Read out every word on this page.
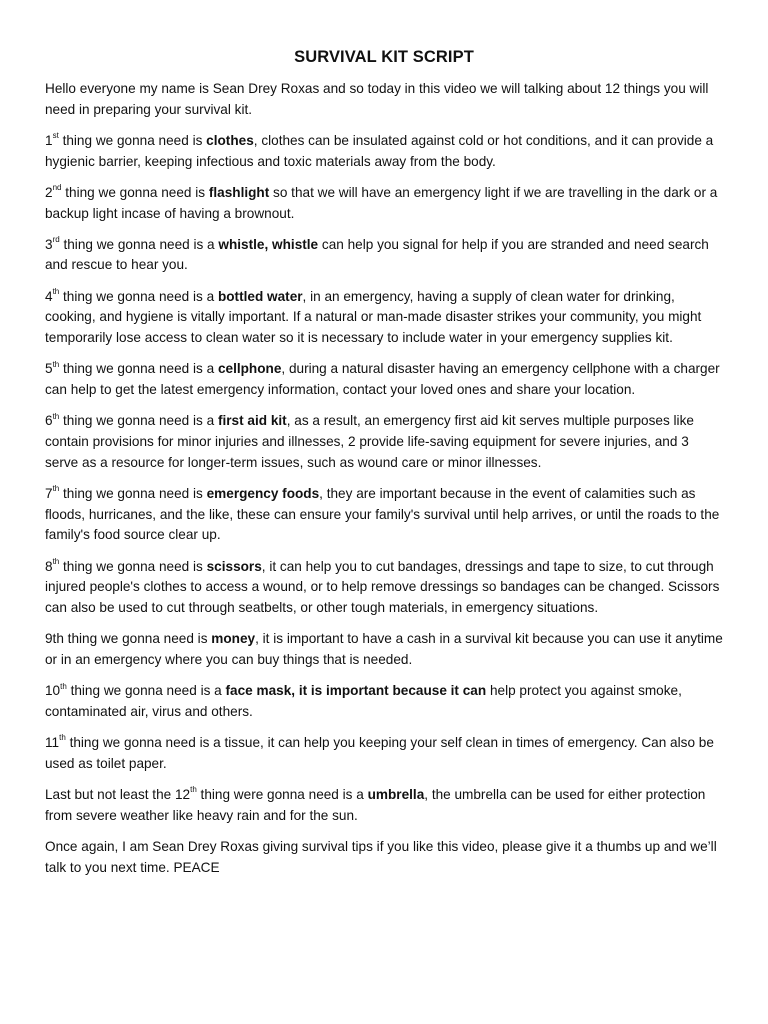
SURVIVAL KIT SCRIPT

Hello everyone my name is Sean Drey Roxas and so today in this video we will talking about 12 things you will need in preparing your survival kit.

1st thing we gonna need is clothes, clothes can be insulated against cold or hot conditions, and it can provide a hygienic barrier, keeping infectious and toxic materials away from the body.

2nd thing we gonna need is flashlight so that we will have an emergency light if we are travelling in the dark or a backup light incase of having a brownout.

3rd thing we gonna need is a whistle, whistle can help you signal for help if you are stranded and need search and rescue to hear you.

4th thing we gonna need is a bottled water, in an emergency, having a supply of clean water for drinking, cooking, and hygiene is vitally important. If a natural or man-made disaster strikes your community, you might temporarily lose access to clean water so it is necessary to include water in your emergency supplies kit.

5th thing we gonna need is a cellphone, during a natural disaster having an emergency cellphone with a charger can help to get the latest emergency information, contact your loved ones and share your location.

6th thing we gonna need is a first aid kit, as a result, an emergency first aid kit serves multiple purposes like contain provisions for minor injuries and illnesses, 2 provide life-saving equipment for severe injuries, and 3 serve as a resource for longer-term issues, such as wound care or minor illnesses.

7th thing we gonna need is emergency foods, they are important because in the event of calamities such as floods, hurricanes, and the like, these can ensure your family's survival until help arrives, or until the roads to the family's food source clear up.

8th thing we gonna need is scissors, it can help you to cut bandages, dressings and tape to size, to cut through injured people's clothes to access a wound, or to help remove dressings so bandages can be changed. Scissors can also be used to cut through seatbelts, or other tough materials, in emergency situations.

9th thing we gonna need is money, it is important to have a cash in a survival kit because you can use it anytime or in an emergency where you can buy things that is needed.

10th thing we gonna need is a face mask, it is important because it can help protect you against smoke, contaminated air, virus and others.

11th thing we gonna need is a tissue, it can help you keeping your self clean in times of emergency. Can also be used as toilet paper.

Last but not least the 12th thing were gonna need is a umbrella, the umbrella can be used for either protection from severe weather like heavy rain and for the sun.

Once again, I am Sean Drey Roxas giving survival tips if you like this video, please give it a thumbs up and we’ll talk to you next time. PEACE
